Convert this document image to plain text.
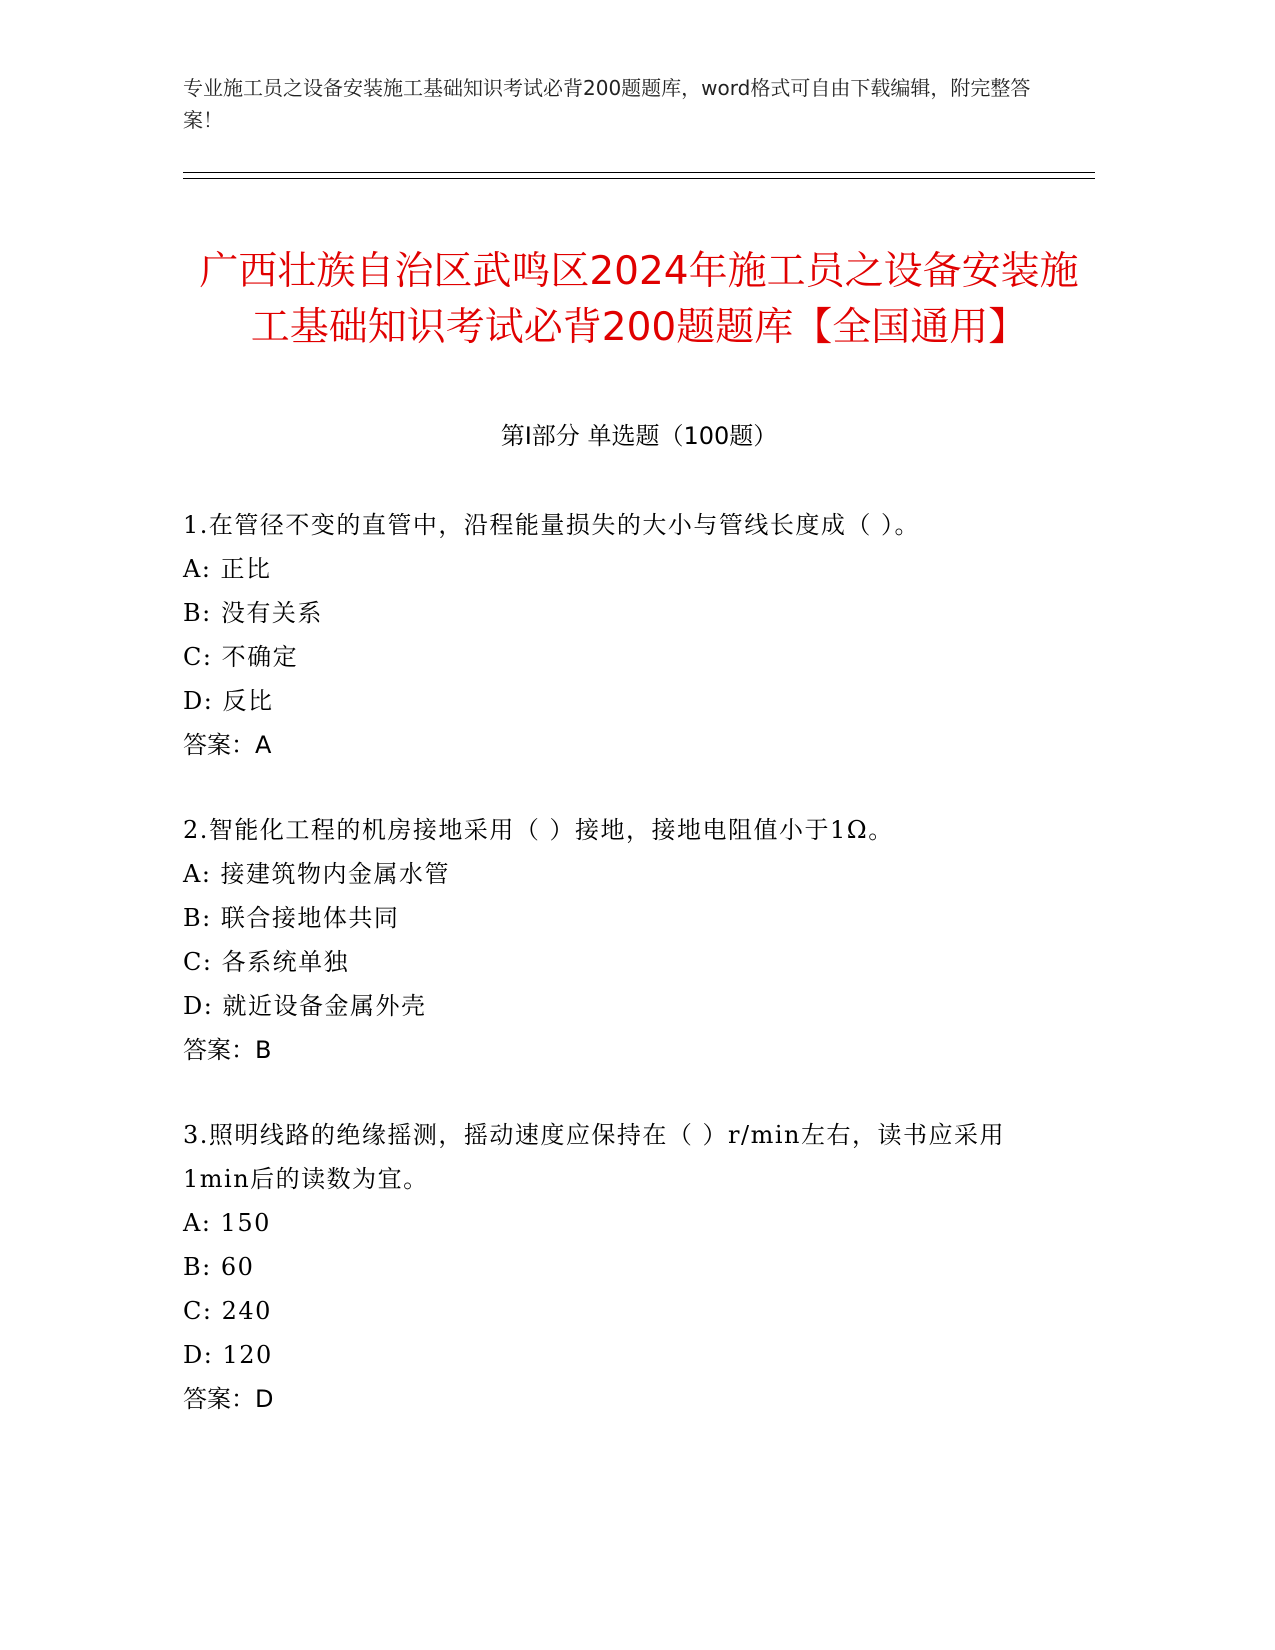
专业施工员之设备安装施工基础知识考试必背200题题库，word格式可自由下载编辑，附完整答案！
广西壮族自治区武鸣区2024年施工员之设备安装施工基础知识考试必背200题题库【全国通用】
第Ⅰ部分 单选题（100题）
1.在管径不变的直管中，沿程能量损失的大小与管线长度成（ ）。
A: 正比
B: 没有关系
C: 不确定
D: 反比
答案：A
2.智能化工程的机房接地采用（ ）接地，接地电阻值小于1Ω。
A: 接建筑物内金属水管
B: 联合接地体共同
C: 各系统单独
D: 就近设备金属外壳
答案：B
3.照明线路的绝缘摇测，摇动速度应保持在（ ）r/min左右，读书应采用1min后的读数为宜。
A: 150
B: 60
C: 240
D: 120
答案：D
